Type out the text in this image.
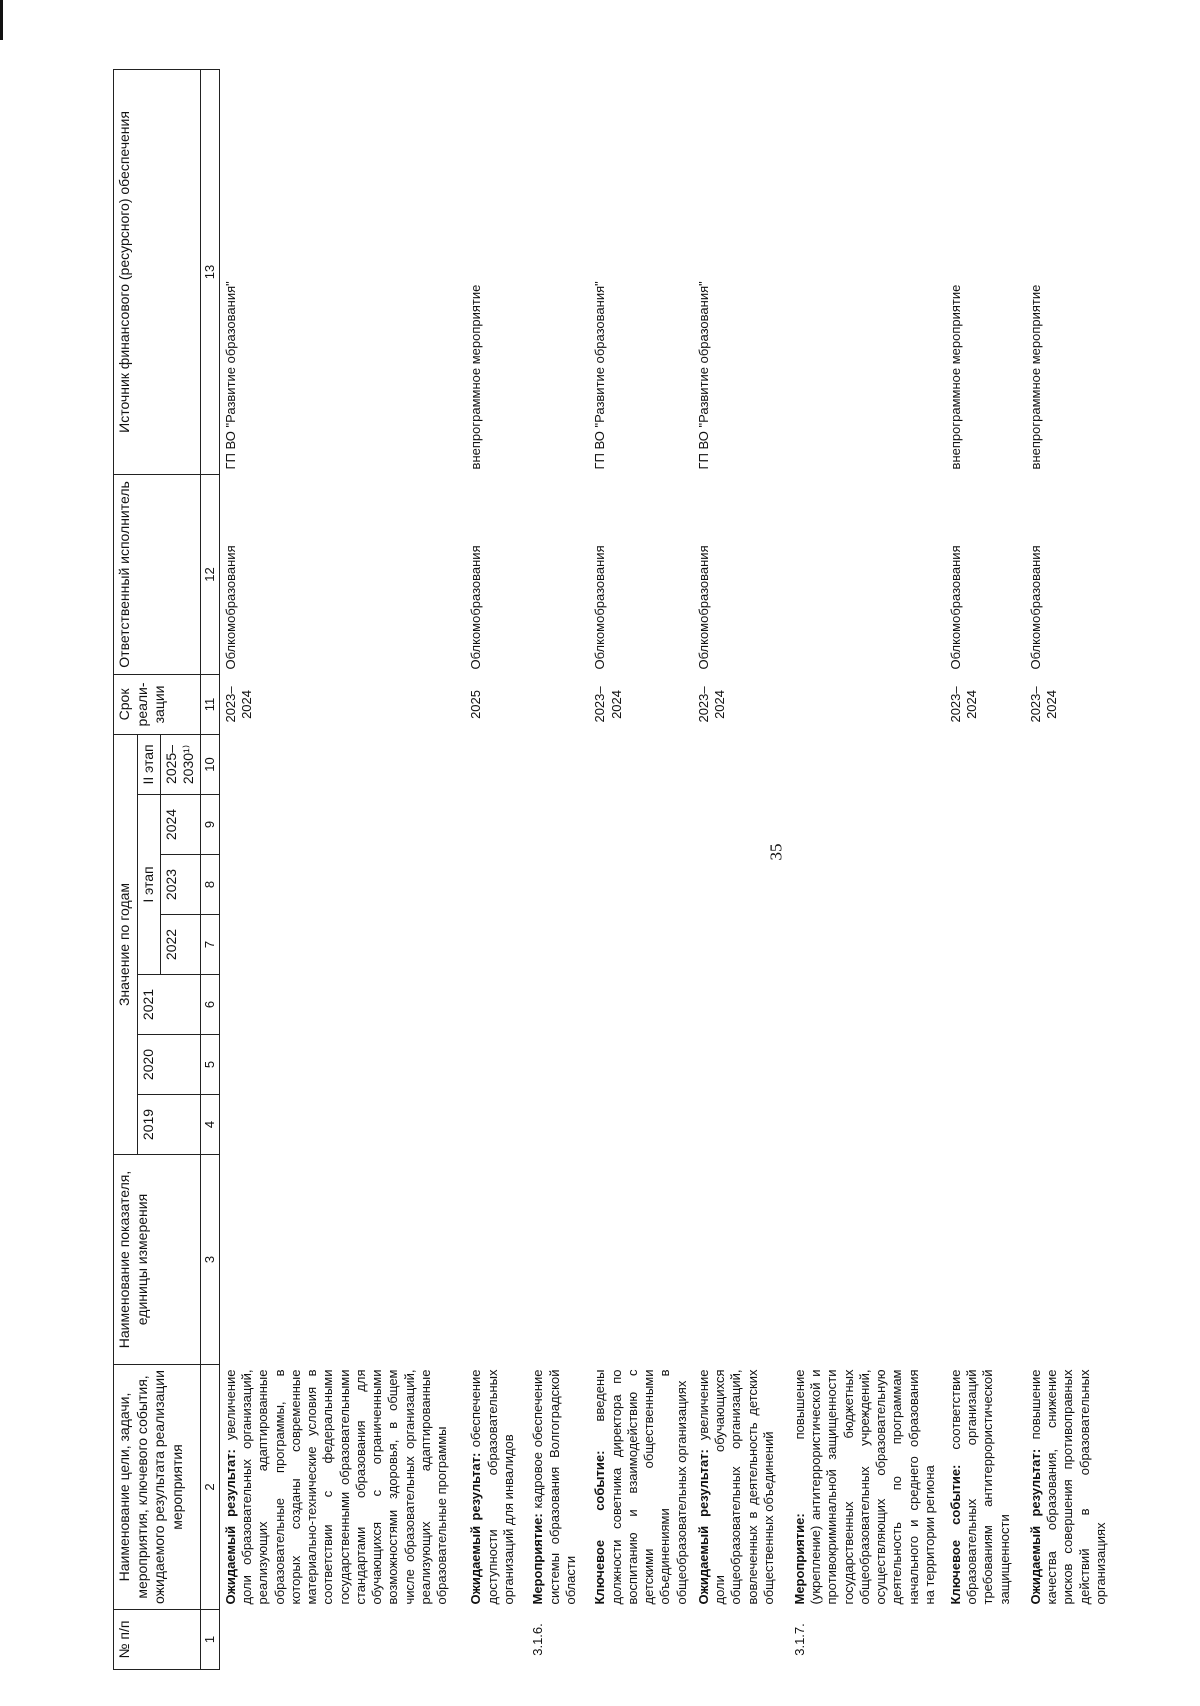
35
№ п/п	Наименование цели, задачи, мероприятия, ключевого события, ожидаемого результата реализации мероприятия	Наименование показателя, единицы измерения	Значение по годам							Срок реали-зации	Ответственный исполнитель	Источник финансового (ресурсного) обеспечения
			2019	2020	2021	I этап			II этап			
						2022	2023	2024	2025–2030¹⁾			
1	2	3	4	5	6	7	8	9	10	11	12	13
	Ожидаемый результат: увеличение доли образовательных организаций, реализующих адаптированные образовательные программы, в которых созданы современные материально-технические условия в соответствии с федеральными государственными образовательными стандартами образования для обучающихся с ограниченными возможностями здоровья, в общем числе образовательных организаций, реализующих адаптированные образовательные программы									2023– 2024	Облкомобразования	ГП ВО "Развитие образования"
	Ожидаемый результат: обеспечение доступности образовательных организаций для инвалидов									2025	Облкомобразования	внепрограммное мероприятие
3.1.6.	Мероприятие: кадровое обеспечение системы образования Волгоградской области									

	Ключевое событие: введены должности советника директора по воспитанию и взаимодействию с детскими общественными объединениями в общеобразовательных организациях									2023– 2024	Облкомобразования	ГП ВО "Развитие образования"
	Ожидаемый результат: увеличение доли обучающихся общеобразовательных организаций, вовлеченных в деятельность детских общественных объединений									2023– 2024	Облкомобразования	ГП ВО "Развитие образования"
3.1.7.	Мероприятие: повышение (укрепление) антитеррористической и противокриминальной защищенности государственных бюджетных общеобразовательных учреждений, осуществляющих образовательную деятельность по программам начального и среднего образования на территории региона									

	Ключевое событие: соответствие образовательных организаций требованиям антитеррористической защищенности									2023– 2024	Облкомобразования	внепрограммное мероприятие
	Ожидаемый результат: повышение качества образования, снижение рисков совершения противоправных действий в образовательных организациях									2023– 2024	Облкомобразования	внепрограммное мероприятие
